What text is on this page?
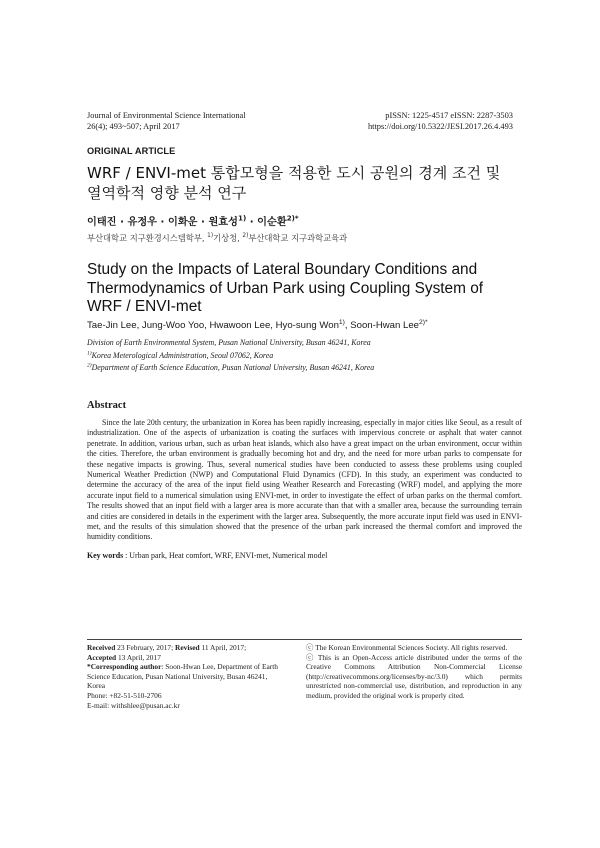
Journal of Environmental Science International
26(4); 493~507; April 2017
pISSN: 1225-4517 eISSN: 2287-3503
https://doi.org/10.5322/JESI.2017.26.4.493
ORIGINAL ARTICLE
WRF / ENVI-met 통합모형을 적용한 도시 공원의 경계 조건 및 열역학적 영향 분석 연구
이태진 · 유정우 · 이화운 · 원효성$^{1)}$ · 이순환$^{2)*}$
부산대학교 지구환경시스템학부, $^{1)}$기상청, $^{2)}$부산대학교 지구과학교육과
Study on the Impacts of Lateral Boundary Conditions and Thermodynamics of Urban Park using Coupling System of WRF / ENVI-met
Tae-Jin Lee, Jung-Woo Yoo, Hwawoon Lee, Hyo-sung Won$^{1)}$, Soon-Hwan Lee$^{2)*}$
Division of Earth Environmental System, Pusan National University, Busan 46241, Korea
$^{1)}$Korea Meterological Administration, Seoul 07062, Korea
$^{2)}$Department of Earth Science Education, Pusan National University, Busan 46241, Korea
Abstract
Since the late 20th century, the urbanization in Korea has been rapidly increasing, especially in major cities like Seoul, as a result of industrialization. One of the aspects of urbanization is coating the surfaces with impervious concrete or asphalt that water cannot penetrate. In addition, various urban, such as urban heat islands, which also have a great impact on the urban environment, occur within the cities. Therefore, the urban environment is gradually becoming hot and dry, and the need for more urban parks to compensate for these negative impacts is growing. Thus, several numerical studies have been conducted to assess these problems using coupled Numerical Weather Prediction (NWP) and Computational Fluid Dynamics (CFD). In this study, an experiment was conducted to determine the accuracy of the area of the input field using Weather Research and Forecasting (WRF) model, and applying the more accurate input field to a numerical simulation using ENVI-met, in order to investigate the effect of urban parks on the thermal comfort. The results showed that an input field with a larger area is more accurate than that with a smaller area, because the surrounding terrain and cities are considered in details in the experiment with the larger area. Subsequently, the more accurate input field was used in ENVI-met, and the results of this simulation showed that the presence of the urban park increased the thermal comfort and improved the humidity conditions.
Key words : Urban park, Heat comfort, WRF, ENVI-met, Numerical model
Received 23 February, 2017; Revised 11 April, 2017;
Accepted 13 April, 2017
*Corresponding author: Soon-Hwan Lee, Department of Earth Science Education, Pusan National University, Busan 46241, Korea
Phone: +82-51-510-2706
E-mail: withshlee@pusan.ac.kr
ⓒ The Korean Environmental Sciences Society. All rights reserved.
ⓒ This is an Open-Access article distributed under the terms of the Creative Commons Attribution Non-Commercial License (http://creativecommons.org/licenses/by-nc/3.0) which permits unrestricted non-commercial use, distribution, and reproduction in any medium, provided the original work is properly cited.
